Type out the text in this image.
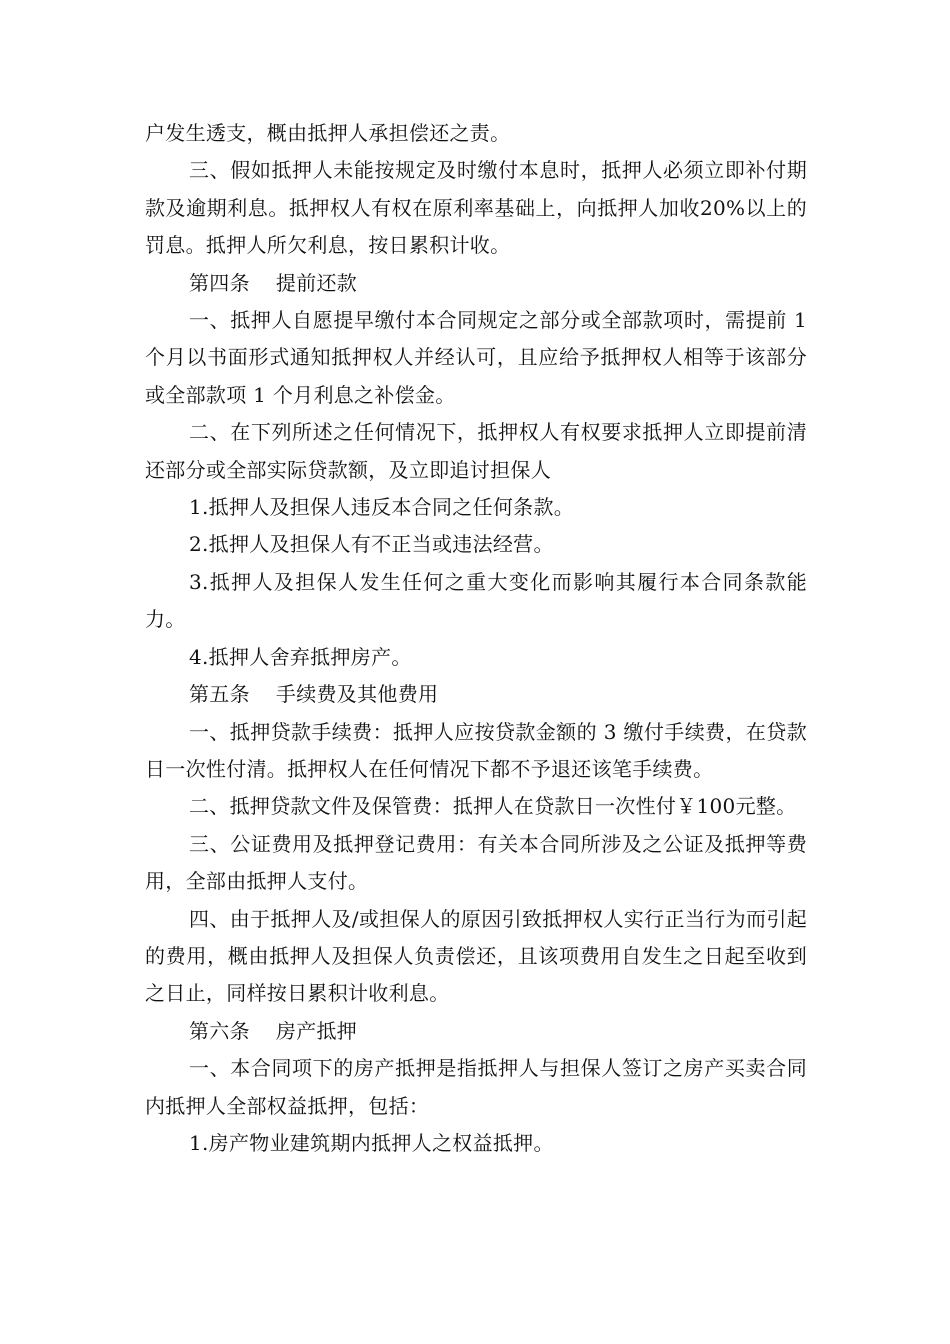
户发生透支，概由抵押人承担偿还之责。

三、假如抵押人未能按规定及时缴付本息时，抵押人必须立即补付期款及逾期利息。抵押权人有权在原利率基础上，向抵押人加收20%以上的罚息。抵押人所欠利息，按日累积计收。

第四条 提前还款

一、抵押人自愿提早缴付本合同规定之部分或全部款项时，需提前 1 个月以书面形式通知抵押权人并经认可，且应给予抵押权人相等于该部分或全部款项 1 个月利息之补偿金。

二、在下列所述之任何情况下，抵押权人有权要求抵押人立即提前清还部分或全部实际贷款额，及立即追讨担保人

1.抵押人及担保人违反本合同之任何条款。

2.抵押人及担保人有不正当或违法经营。

3.抵押人及担保人发生任何之重大变化而影响其履行本合同条款能力。

4.抵押人舍弃抵押房产。

第五条 手续费及其他费用

一、抵押贷款手续费：抵押人应按贷款金额的 3 缴付手续费，在贷款日一次性付清。抵押权人在任何情况下都不予退还该笔手续费。

二、抵押贷款文件及保管费：抵押人在贷款日一次性付￥100元整。

三、公证费用及抵押登记费用：有关本合同所涉及之公证及抵押等费用，全部由抵押人支付。

四、由于抵押人及/或担保人的原因引致抵押权人实行正当行为而引起的费用，概由抵押人及担保人负责偿还，且该项费用自发生之日起至收到之日止，同样按日累积计收利息。

第六条 房产抵押

一、本合同项下的房产抵押是指抵押人与担保人签订之房产买卖合同内抵押人全部权益抵押，包括：

1.房产物业建筑期内抵押人之权益抵押。
